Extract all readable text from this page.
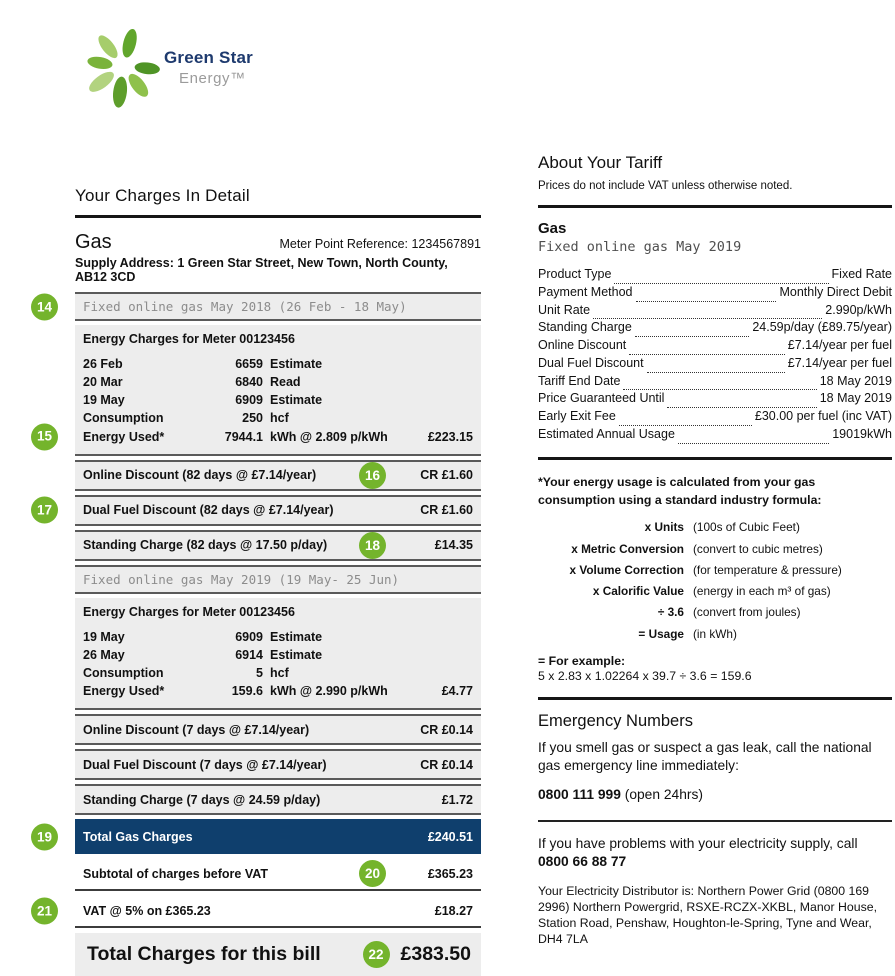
Green Star
Energy™
Your Charges In Detail
Gas	Meter Point Reference: 1234567891
Supply Address: 1 Green Star Street, New Town, North County, AB12 3CD
14	Fixed online gas May 2018 (26 Feb - 18 May)
Energy Charges for Meter 00123456
26 Feb	6659 Estimate
20 Mar	6840 Read
19 May	6909 Estimate
Consumption	250 hcf
15	Energy Used*	7944.1 kWh @ 2.809 p/kWh	£223.15
Online Discount (82 days @ £7.14/year)	16	CR £1.60
17	Dual Fuel Discount (82 days @ £7.14/year)	CR £1.60
Standing Charge (82 days @ 17.50 p/day)	18	£14.35
Fixed online gas May 2019 (19 May- 25 Jun)
Energy Charges for Meter 00123456
19 May	6909 Estimate
26 May	6914 Estimate
Consumption	5 hcf
Energy Used*	159.6 kWh @ 2.990 p/kWh	£4.77
Online Discount (7 days @ £7.14/year)	CR £0.14
Dual Fuel Discount (7 days @ £7.14/year)	CR £0.14
Standing Charge (7 days @ 24.59 p/day)	£1.72
19	Total Gas Charges	£240.51
Subtotal of charges before VAT	20	£365.23
21	VAT @ 5% on £365.23	£18.27
Total Charges for this bill	22 £383.50
About Your Tariff

Prices do not include VAT unless otherwise noted.

Gas
Fixed online gas May 2019
Product Type	Fixed Rate
Payment Method	Monthly Direct Debit
Unit Rate	2.990p/kWh
Standing Charge	24.59p/day (£89.75/year)
Online Discount	£7.14/year per fuel
Dual Fuel Discount	£7.14/year per fuel
Tariff End Date	18 May 2019
Price Guaranteed Until	18 May 2019
Early Exit Fee	£30.00 per fuel (inc VAT)
Estimated Annual Usage	19019kWh

*Your energy usage is calculated from your gas consumption using a standard industry formula:

x Units (100s of Cubic Feet)
x Metric Conversion (convert to cubic metres)
x Volume Correction (for temperature & pressure)
x Calorific Value (energy in each m³ of gas)
÷ 3.6 (convert from joules)
= Usage (in kWh)
= For example:
5 x 2.83 x 1.02264 x 39.7 ÷ 3.6 = 159.6
Emergency Numbers

If you smell gas or suspect a gas leak, call the national gas emergency line immediately:

0800 111 999 (open 24hrs)

If you have problems with your electricity supply, call 0800 66 88 77

Your Electricity Distributor is: Northern Power Grid (0800 169 2996) Northern Powergrid, RSXE-RCZX-XKBL, Manor House, Station Road, Penshaw, Houghton-le-Spring, Tyne and Wear, DH4 7LA
